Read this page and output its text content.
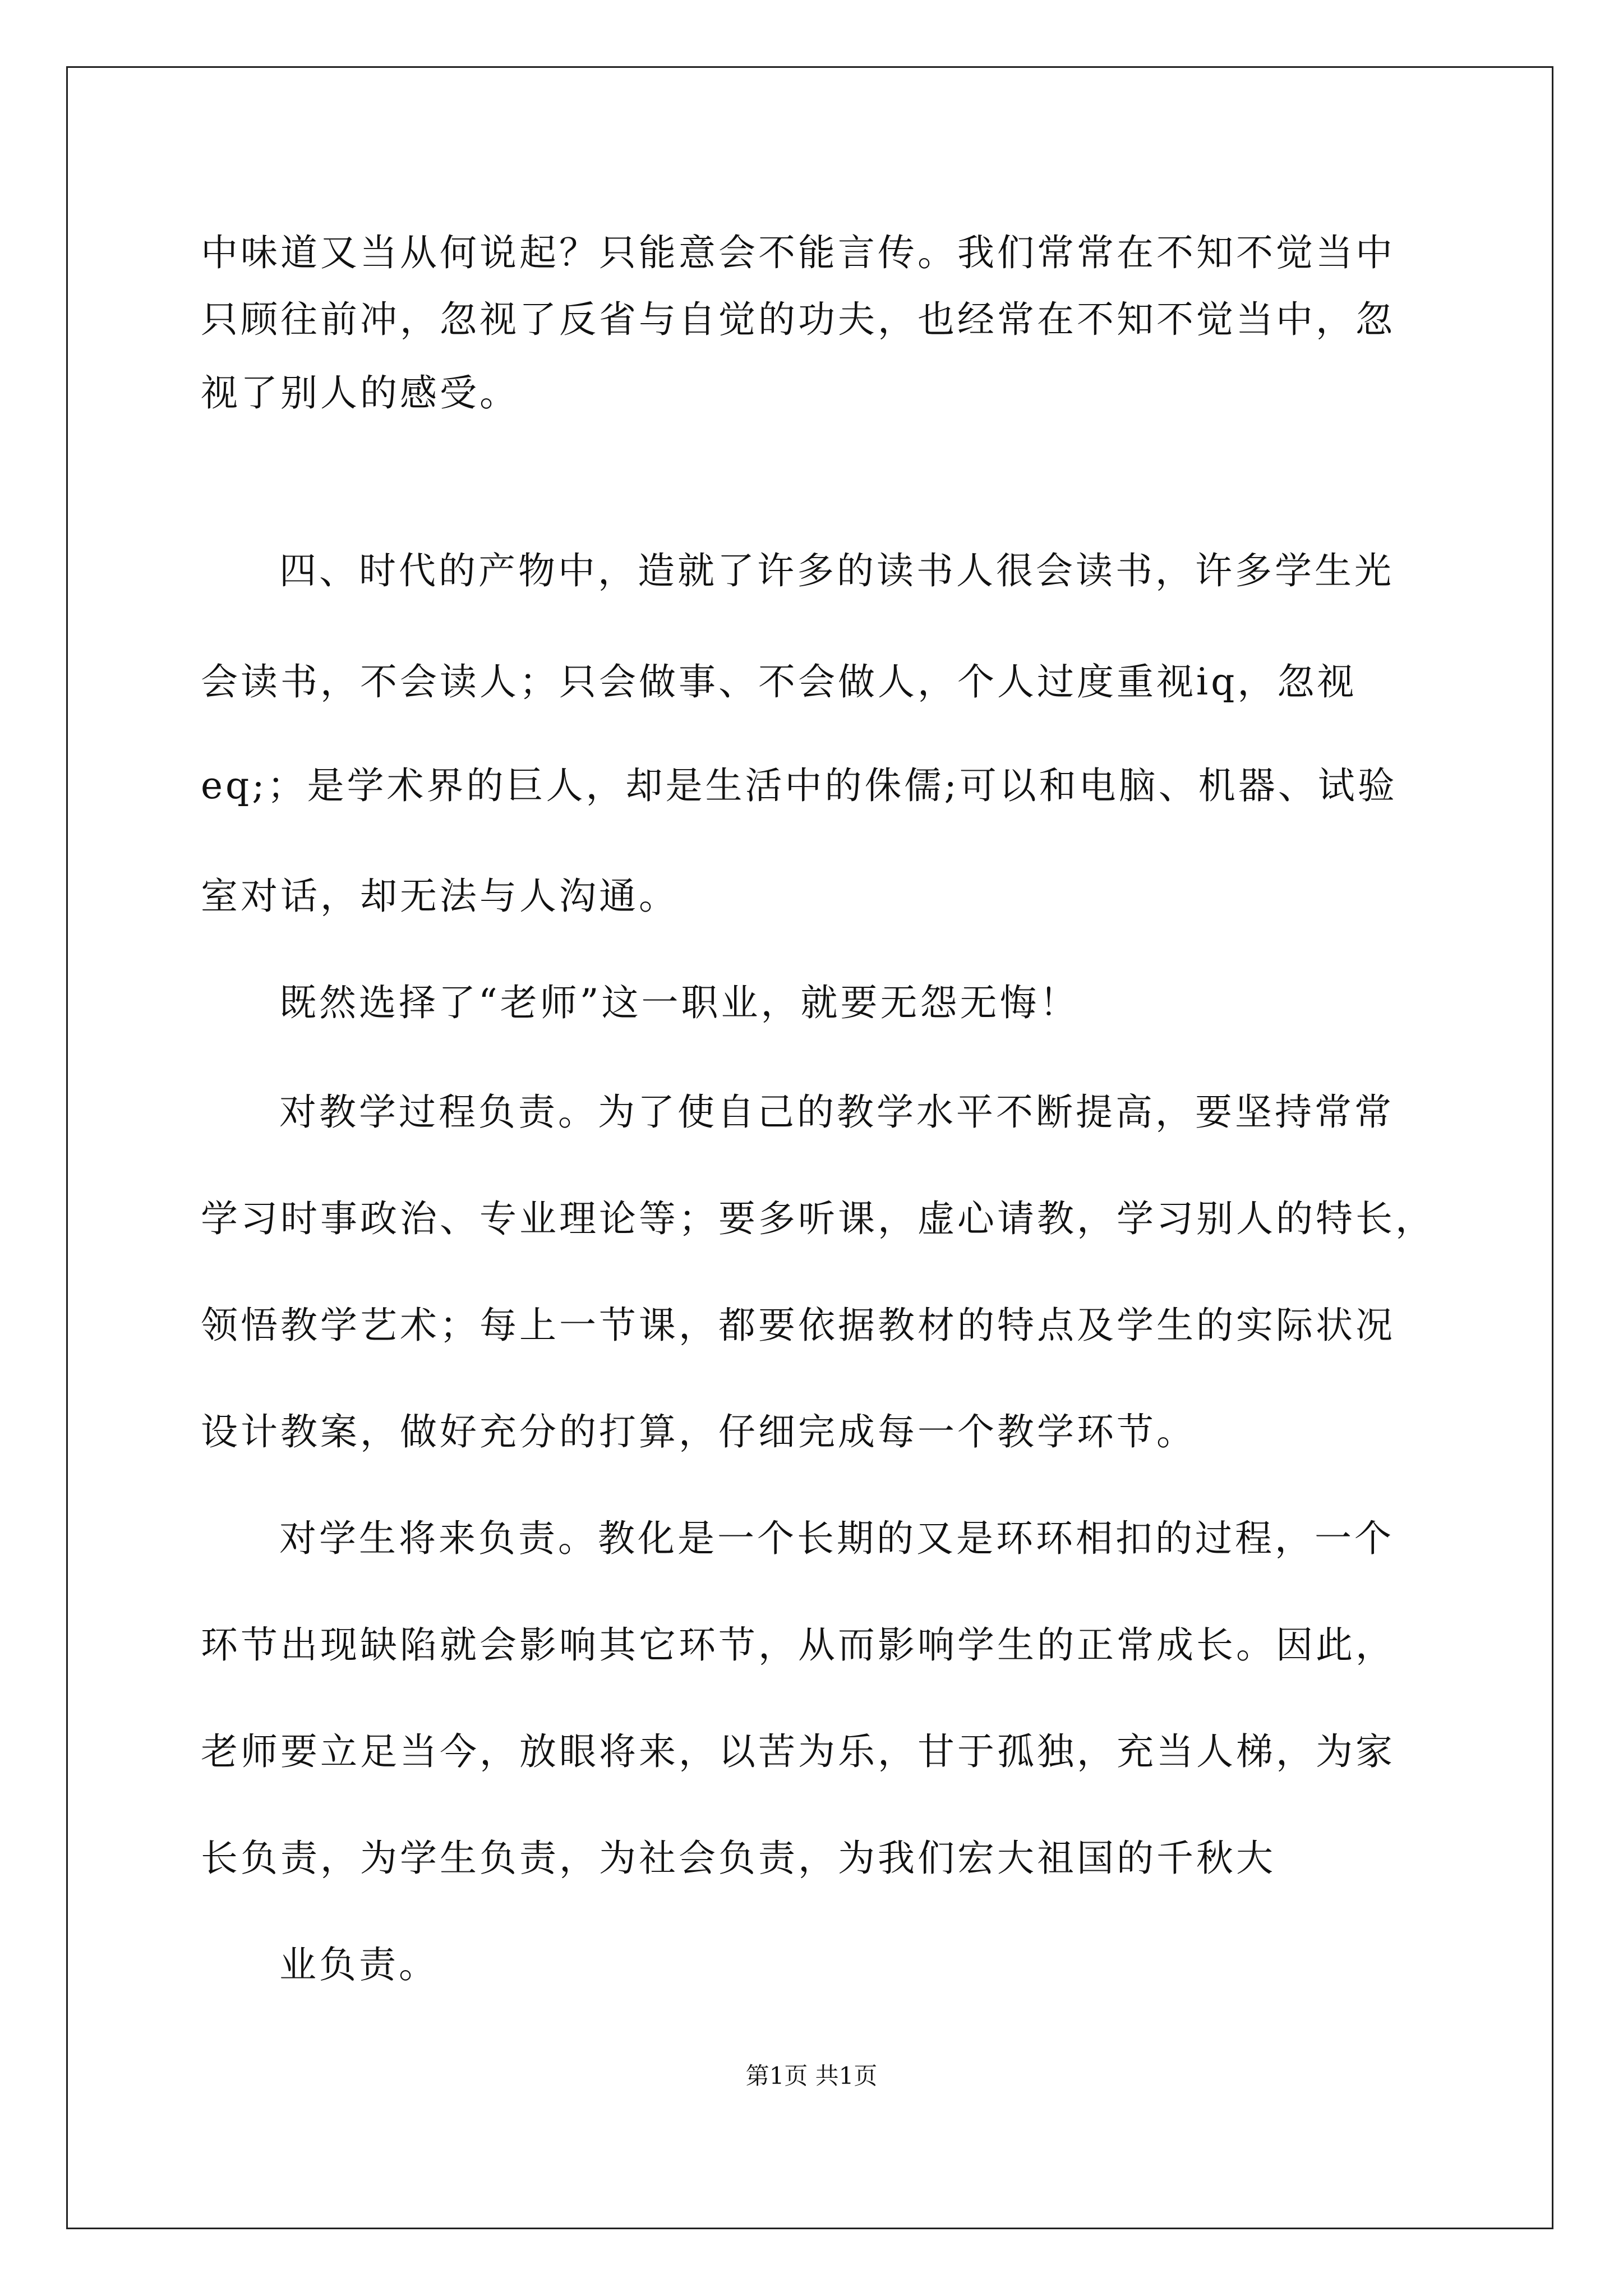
中味道又当从何说起？只能意会不能言传。我们常常在不知不觉当中
只顾往前冲，忽视了反省与自觉的功夫，也经常在不知不觉当中，忽
视了别人的感受。
四、时代的产物中，造就了许多的读书人很会读书，许多学生光
会读书，不会读人；只会做事、不会做人，个人过度重视iq，忽视
eq;；是学术界的巨人，却是生活中的侏儒;可以和电脑、机器、试验
室对话，却无法与人沟通。
既然选择了“老师”这一职业，就要无怨无悔！
对教学过程负责。为了使自己的教学水平不断提高，要坚持常常
学习时事政治、专业理论等；要多听课，虚心请教，学习别人的特长，
领悟教学艺术；每上一节课，都要依据教材的特点及学生的实际状况
设计教案，做好充分的打算，仔细完成每一个教学环节。
对学生将来负责。教化是一个长期的又是环环相扣的过程，一个
环节出现缺陷就会影响其它环节，从而影响学生的正常成长。因此，
老师要立足当今，放眼将来，以苦为乐，甘于孤独，充当人梯，为家
长负责，为学生负责，为社会负责，为我们宏大祖国的千秋大
业负责。
第1页 共1页
